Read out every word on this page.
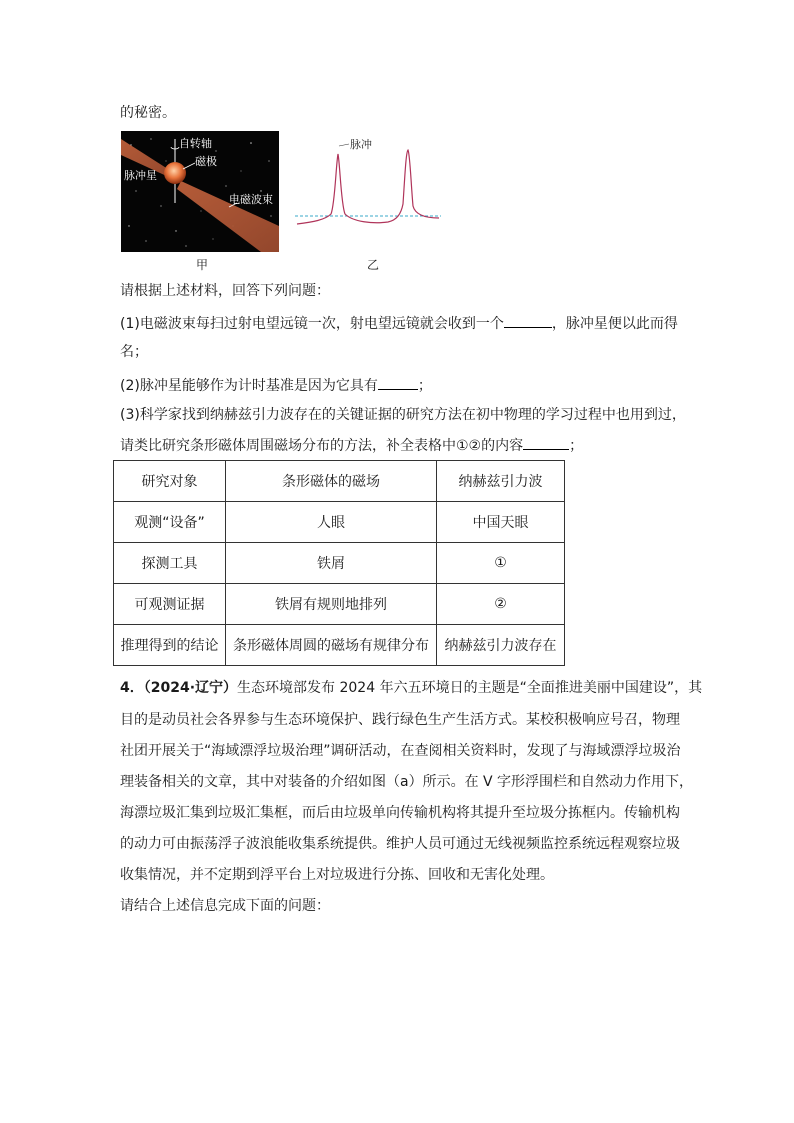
的秘密。
自转轴
脉冲星
磁极
电磁波束
甲
脉冲
乙
请根据上述材料，回答下列问题：
(1)电磁波束每扫过射电望远镜一次，射电望远镜就会收到一个	，脉冲星便以此而得
名；
(2)脉冲星能够作为计时基准是因为它具有	；
(3)科学家找到纳赫兹引力波存在的关键证据的研究方法在初中物理的学习过程中也用到过，
请类比研究条形磁体周围磁场分布的方法，补全表格中①②的内容	；
研究对象	条形磁体的磁场	纳赫兹引力波
观测“设备”	人眼	中国天眼
探测工具	铁屑	①
可观测证据	铁屑有规则地排列	②
推理得到的结论	条形磁体周圆的磁场有规律分布	纳赫兹引力波存在
4．（2024·辽宁）生态环境部发布 2024 年六五环境日的主题是“全面推进美丽中国建设”，其
目的是动员社会各界参与生态环境保护、践行绿色生产生活方式。某校积极响应号召，物理
社团开展关于“海域漂浮垃圾治理”调研活动，在查阅相关资料时，发现了与海域漂浮垃圾治
理装备相关的文章，其中对装备的介绍如图（a）所示。在 V 字形浮围栏和自然动力作用下，
海漂垃圾汇集到垃圾汇集框，而后由垃圾单向传输机构将其提升至垃圾分拣框内。传输机构
的动力可由振荡浮子波浪能收集系统提供。维护人员可通过无线视频监控系统远程观察垃圾
收集情况，并不定期到浮平台上对垃圾进行分拣、回收和无害化处理。
请结合上述信息完成下面的问题：
